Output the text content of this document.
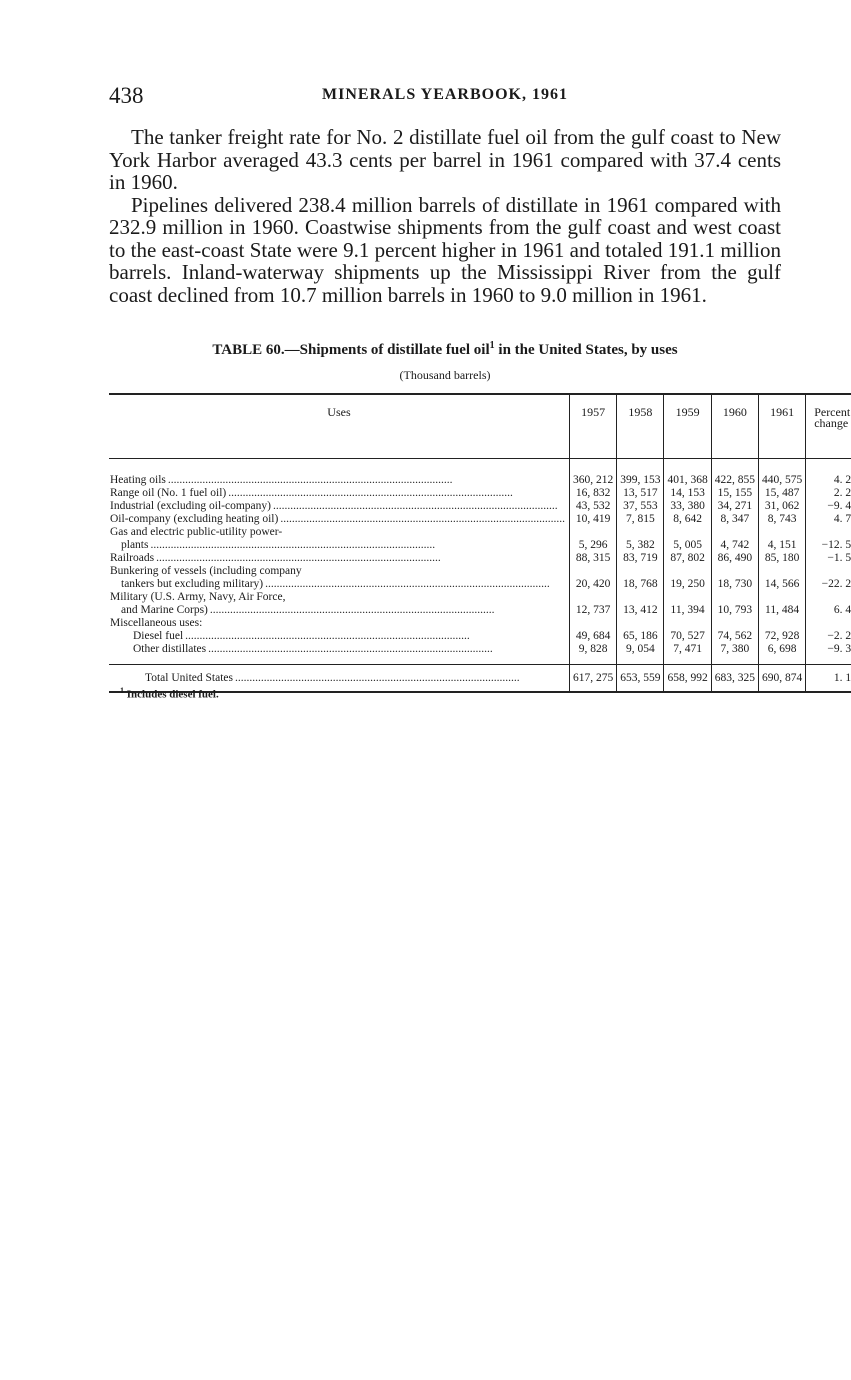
438	MINERALS YEARBOOK, 1961

The tanker freight rate for No. 2 distillate fuel oil from the gulf coast to New York Harbor averaged 43.3 cents per barrel in 1961 compared with 37.4 cents in 1960.

Pipelines delivered 238.4 million barrels of distillate in 1961 compared with 232.9 million in 1960. Coastwise shipments from the gulf coast and west coast to the east-coast State were 9.1 percent higher in 1961 and totaled 191.1 million barrels. Inland-waterway shipments up the Mississippi River from the gulf coast declined from 10.7 million barrels in 1960 to 9.0 million in 1961.

TABLE 60.—Shipments of distillate fuel oil$^1$ in the United States, by uses
(Thousand barrels)
Uses	1957	1958	1959	1960	1961	Percent change

Heating oils .....	360, 212	399, 153	401, 368	422, 855	440, 575	4. 2

Range oil (No. 1 fuel oil) .....	16, 832	13, 517	14, 153	15, 155	15, 487	2. 2

Industrial (excluding oil-company) .....	43, 532	37, 553	33, 380	34, 271	31, 062	−9. 4

Oil-company (excluding heating oil) .....	10, 419	7, 815	8, 642	8, 347	8, 743	4. 7
Gas and electric public-utility power-						

plants .....	5, 296	5, 382	5, 005	4, 742	4, 151	−12. 5

Railroads .....	88, 315	83, 719	87, 802	86, 490	85, 180	−1. 5
Bunkering of vessels (including company						

tankers but excluding military) .....	20, 420	18, 768	19, 250	18, 730	14, 566	−22. 2
Military (U.S. Army, Navy, Air Force,						

and Marine Corps) .....	12, 737	13, 412	11, 394	10, 793	11, 484	6. 4
Miscellaneous uses:						

Diesel fuel .....	49, 684	65, 186	70, 527	74, 562	72, 928	−2. 2

Other distillates .....	9, 828	9, 054	7, 471	7, 380	6, 698	−9. 3

Total United States .....	617, 275	653, 559	658, 992	683, 325	690, 874	1. 1
$^1$ Includes diesel fuel.
